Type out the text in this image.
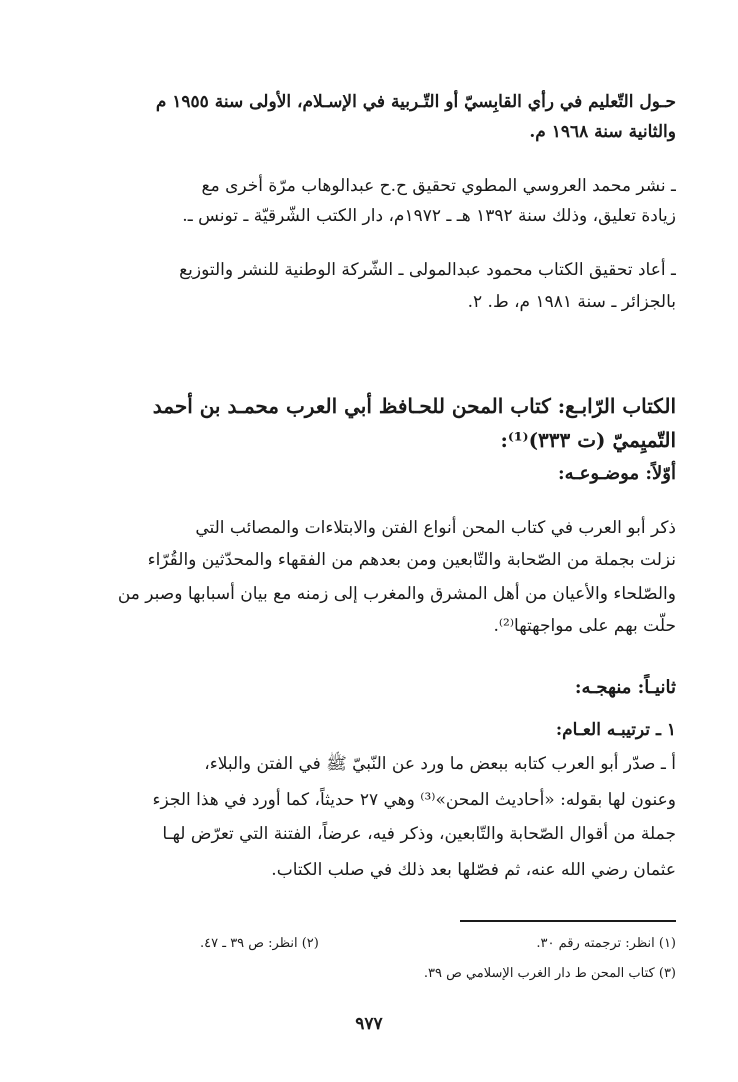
حـول التّعليم في رأي القابِسيّ أو التّـربية في الإسـلام، الأولى سنة ١٩٥٥ م
والثانية سنة ١٩٦٨ م.
ـ نشر محمد العروسي المطوي تحقيق ح.ح عبدالوهاب مرّة أخرى مع
زيادة تعليق، وذلك سنة ١٣٩٢ هـ ـ ١٩٧٢م، دار الكتب الشّرقيّة ـ تونس ـ.
ـ أعاد تحقيق الكتاب محمود عبدالمولى ـ الشّركة الوطنية للنشر والتوزيع
بالجزائر ـ سنة ١٩٨١ م، ط. ٢.
الكتاب الرّابـع: كتاب المحن للحـافظ أبي العرب محمـد بن أحمد
التّميِميّ (ت ٣٣٣)⁽¹⁾:
أوّلاً: موضـوعـه:
ذكر أبو العرب في كتاب المحن أنواع الفتن والابتلاءات والمصائب التي
نزلت بجملة من الصّحابة والتّابعين ومن بعدهم من الفقهاء والمحدّثين والقُرّاء
والصّلحاء والأعيان من أهل المشرق والمغرب إلى زمنه مع بيان أسبابها وصبر من
حلّت بهم على مواجهتها⁽²⁾.
ثانيـاً: منهجـه:
١ ـ ترتيبـه العـام:
أ ـ صدّر أبو العرب كتابه ببعض ما ورد عن النّبيّ ﷺ في الفتن والبلاء،
وعنون لها بقوله: «أحاديث المحن»⁽³⁾ وهي ٢٧ حديثاً، كما أورد في هذا الجزء
جملة من أقوال الصّحابة والتّابعين، وذكر فيه، عرضاً، الفتنة التي تعرّض لهـا
عثمان رضي الله عنه، ثم فصّلها بعد ذلك في صلب الكتاب.
(١) انظر: ترجمته رقم ٣٠.
(٢) انظر: ص ٣٩ ـ ٤٧.
(٣) كتاب المحن ط دار الغرب الإسلامي ص ٣٩.
٩٧٧
